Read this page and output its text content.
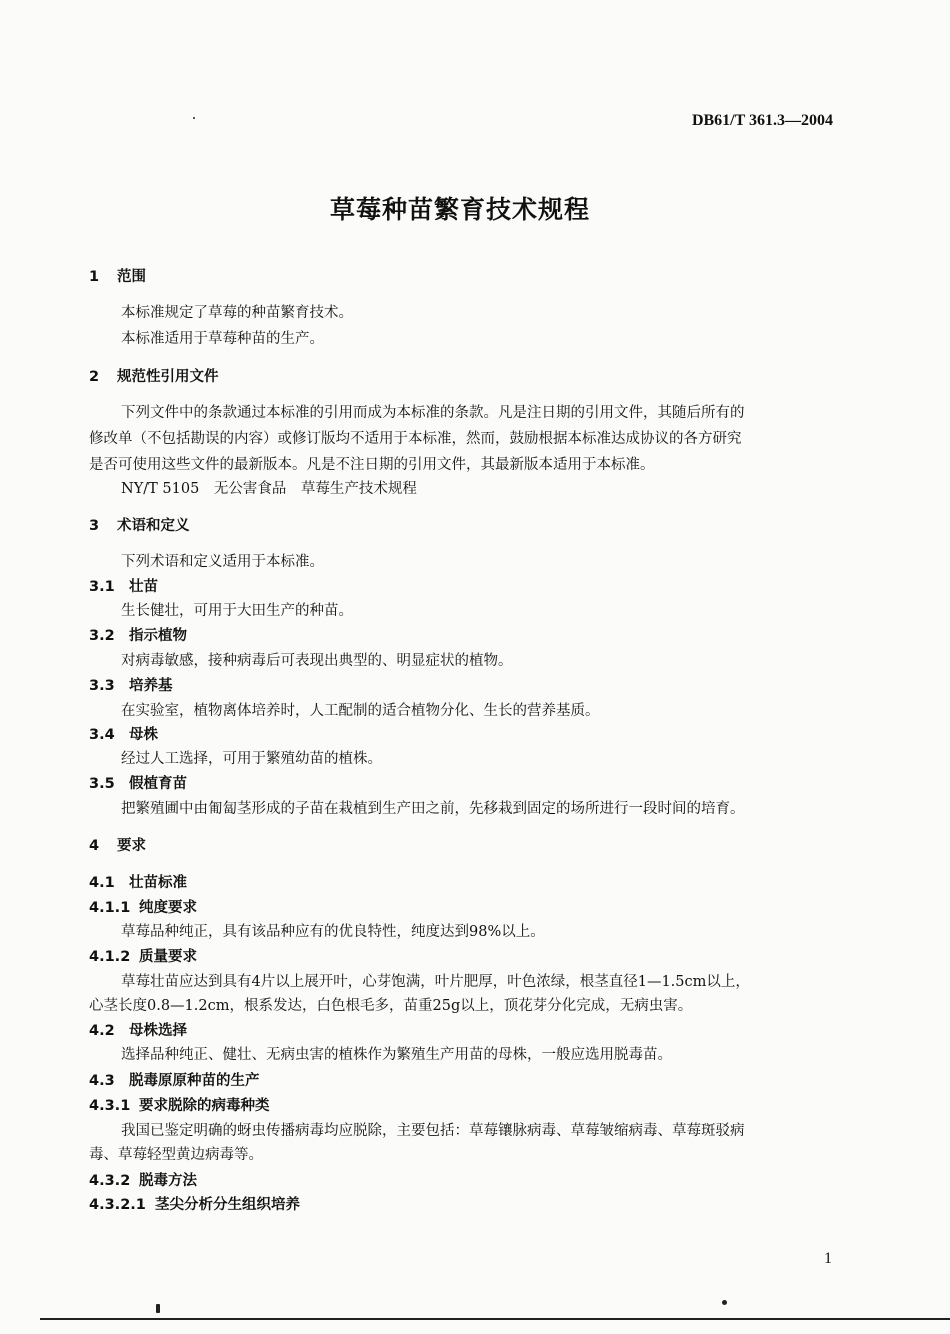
DB61/T 361.3—2004
草莓种苗繁育技术规程
1 范围
本标准规定了草莓的种苗繁育技术。
本标准适用于草莓种苗的生产。
2 规范性引用文件
下列文件中的条款通过本标准的引用而成为本标准的条款。凡是注日期的引用文件，其随后所有的
修改单（不包括勘误的内容）或修订版均不适用于本标准，然而，鼓励根据本标准达成协议的各方研究
是否可使用这些文件的最新版本。凡是不注日期的引用文件，其最新版本适用于本标准。
NY/T 5105　无公害食品　草莓生产技术规程
3 术语和定义
下列术语和定义适用于本标准。
3.1 壮苗
生长健壮，可用于大田生产的种苗。
3.2 指示植物
对病毒敏感，接种病毒后可表现出典型的、明显症状的植物。
3.3 培养基
在实验室，植物离体培养时，人工配制的适合植物分化、生长的营养基质。
3.4 母株
经过人工选择，可用于繁殖幼苗的植株。
3.5 假植育苗
把繁殖圃中由匍匐茎形成的子苗在栽植到生产田之前，先移栽到固定的场所进行一段时间的培育。
4 要求
4.1 壮苗标准
4.1.1 纯度要求
草莓品种纯正，具有该品种应有的优良特性，纯度达到98%以上。
4.1.2 质量要求
草莓壮苗应达到具有4片以上展开叶，心芽饱满，叶片肥厚，叶色浓绿，根茎直径1—1.5cm以上，
心茎长度0.8—1.2cm，根系发达，白色根毛多，苗重25g以上，顶花芽分化完成，无病虫害。
4.2 母株选择
选择品种纯正、健壮、无病虫害的植株作为繁殖生产用苗的母株，一般应选用脱毒苗。
4.3 脱毒原原种苗的生产
4.3.1 要求脱除的病毒种类
我国已鉴定明确的蚜虫传播病毒均应脱除，主要包括：草莓镶脉病毒、草莓皱缩病毒、草莓斑驳病
毒、草莓轻型黄边病毒等。
4.3.2 脱毒方法
4.3.2.1 茎尖分析分生组织培养
1
